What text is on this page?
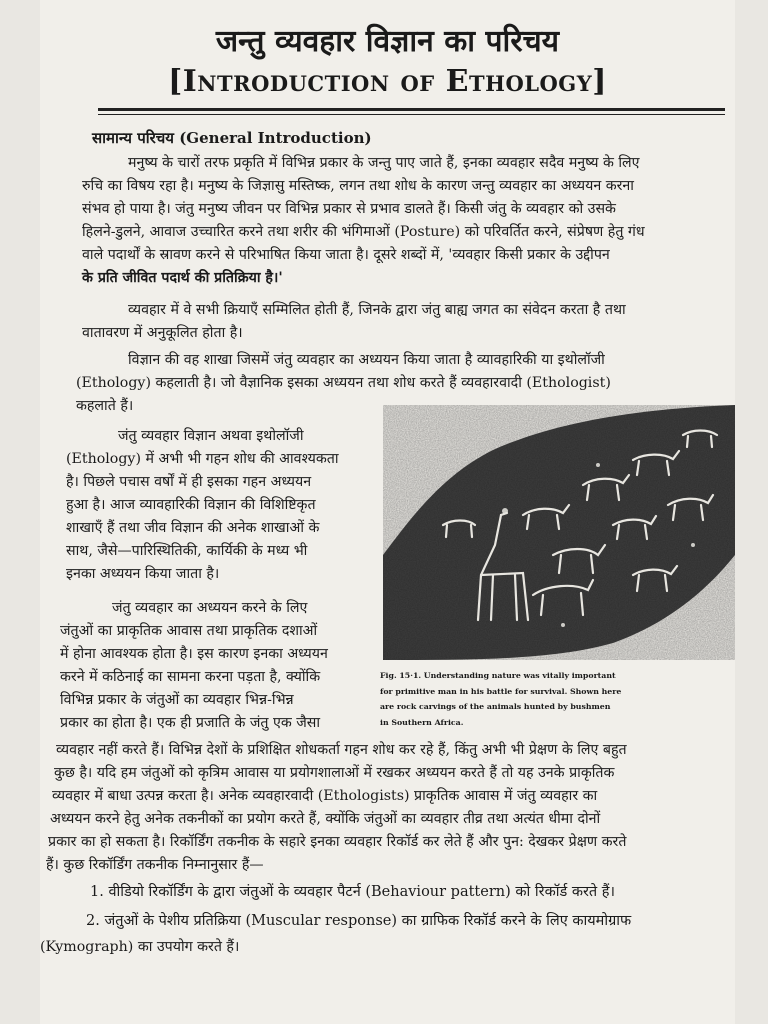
जन्तु व्यवहार विज्ञान का परिचय
[Introduction of Ethology]
सामान्य परिचय (General Introduction)
मनुष्य के चारों तरफ प्रकृति में विभिन्न प्रकार के जन्तु पाए जाते हैं, इनका व्यवहार सदैव मनुष्य के लिए
रुचि का विषय रहा है। मनुष्य के जिज्ञासु मस्तिष्क, लगन तथा शोध के कारण जन्तु व्यवहार का अध्ययन करना
संभव हो पाया है। जंतु मनुष्य जीवन पर विभिन्न प्रकार से प्रभाव डालते हैं। किसी जंतु के व्यवहार को उसके
हिलने-डुलने, आवाज उच्चारित करने तथा शरीर की भंगिमाओं (Posture) को परिवर्तित करने, संप्रेषण हेतु गंध
वाले पदार्थों के स्रावण करने से परिभाषित किया जाता है। दूसरे शब्दों में, 'व्यवहार किसी प्रकार के उद्दीपन
के प्रति जीवित पदार्थ की प्रतिक्रिया है।'
व्यवहार में वे सभी क्रियाएँ सम्मिलित होती हैं, जिनके द्वारा जंतु बाह्य जगत का संवेदन करता है तथा
वातावरण में अनुकूलित होता है।
विज्ञान की वह शाखा जिसमें जंतु व्यवहार का अध्ययन किया जाता है व्यावहारिकी या इथोलॉजी
(Ethology) कहलाती है। जो वैज्ञानिक इसका अध्ययन तथा शोध करते हैं व्यवहारवादी (Ethologist)
कहलाते हैं।
जंतु व्यवहार विज्ञान अथवा इथोलॉजी
(Ethology) में अभी भी गहन शोध की आवश्यकता
है। पिछले पचास वर्षों में ही इसका गहन अध्ययन
हुआ है। आज व्यावहारिकी विज्ञान की विशिष्टिकृत
शाखाएँ हैं तथा जीव विज्ञान की अनेक शाखाओं के
साथ, जैसे—पारिस्थितिकी, कार्यिकी के मध्य भी
इनका अध्ययन किया जाता है।
जंतु व्यवहार का अध्ययन करने के लिए
जंतुओं का प्राकृतिक आवास तथा प्राकृतिक दशाओं
में होना आवश्यक होता है। इस कारण इनका अध्ययन
करने में कठिनाई का सामना करना पड़ता है, क्योंकि
विभिन्न प्रकार के जंतुओं का व्यवहार भिन्न-भिन्न
प्रकार का होता है। एक ही प्रजाति के जंतु एक जैसा
Fig. 15·1. Understanding nature was vitally important
for primitive man in his battle for survival. Shown here
are rock carvings of the animals hunted by bushmen
in Southern Africa.
व्यवहार नहीं करते हैं। विभिन्न देशों के प्रशिक्षित शोधकर्ता गहन शोध कर रहे हैं, किंतु अभी भी प्रेक्षण के लिए बहुत
कुछ है। यदि हम जंतुओं को कृत्रिम आवास या प्रयोगशालाओं में रखकर अध्ययन करते हैं तो यह उनके प्राकृतिक
व्यवहार में बाधा उत्पन्न करता है। अनेक व्यवहारवादी (Ethologists) प्राकृतिक आवास में जंतु व्यवहार का
अध्ययन करने हेतु अनेक तकनीकों का प्रयोग करते हैं, क्योंकि जंतुओं का व्यवहार तीव्र तथा अत्यंत धीमा दोनों
प्रकार का हो सकता है। रिकॉर्डिंग तकनीक के सहारे इनका व्यवहार रिकॉर्ड कर लेते हैं और पुन: देखकर प्रेक्षण करते
हैं। कुछ रिकॉर्डिंग तकनीक निम्नानुसार हैं—
1. वीडियो रिकॉर्डिंग के द्वारा जंतुओं के व्यवहार पैटर्न (Behaviour pattern) को रिकॉर्ड करते हैं।
2. जंतुओं के पेशीय प्रतिक्रिया (Muscular response) का ग्राफिक रिकॉर्ड करने के लिए कायमोग्राफ
(Kymograph) का उपयोग करते हैं।
